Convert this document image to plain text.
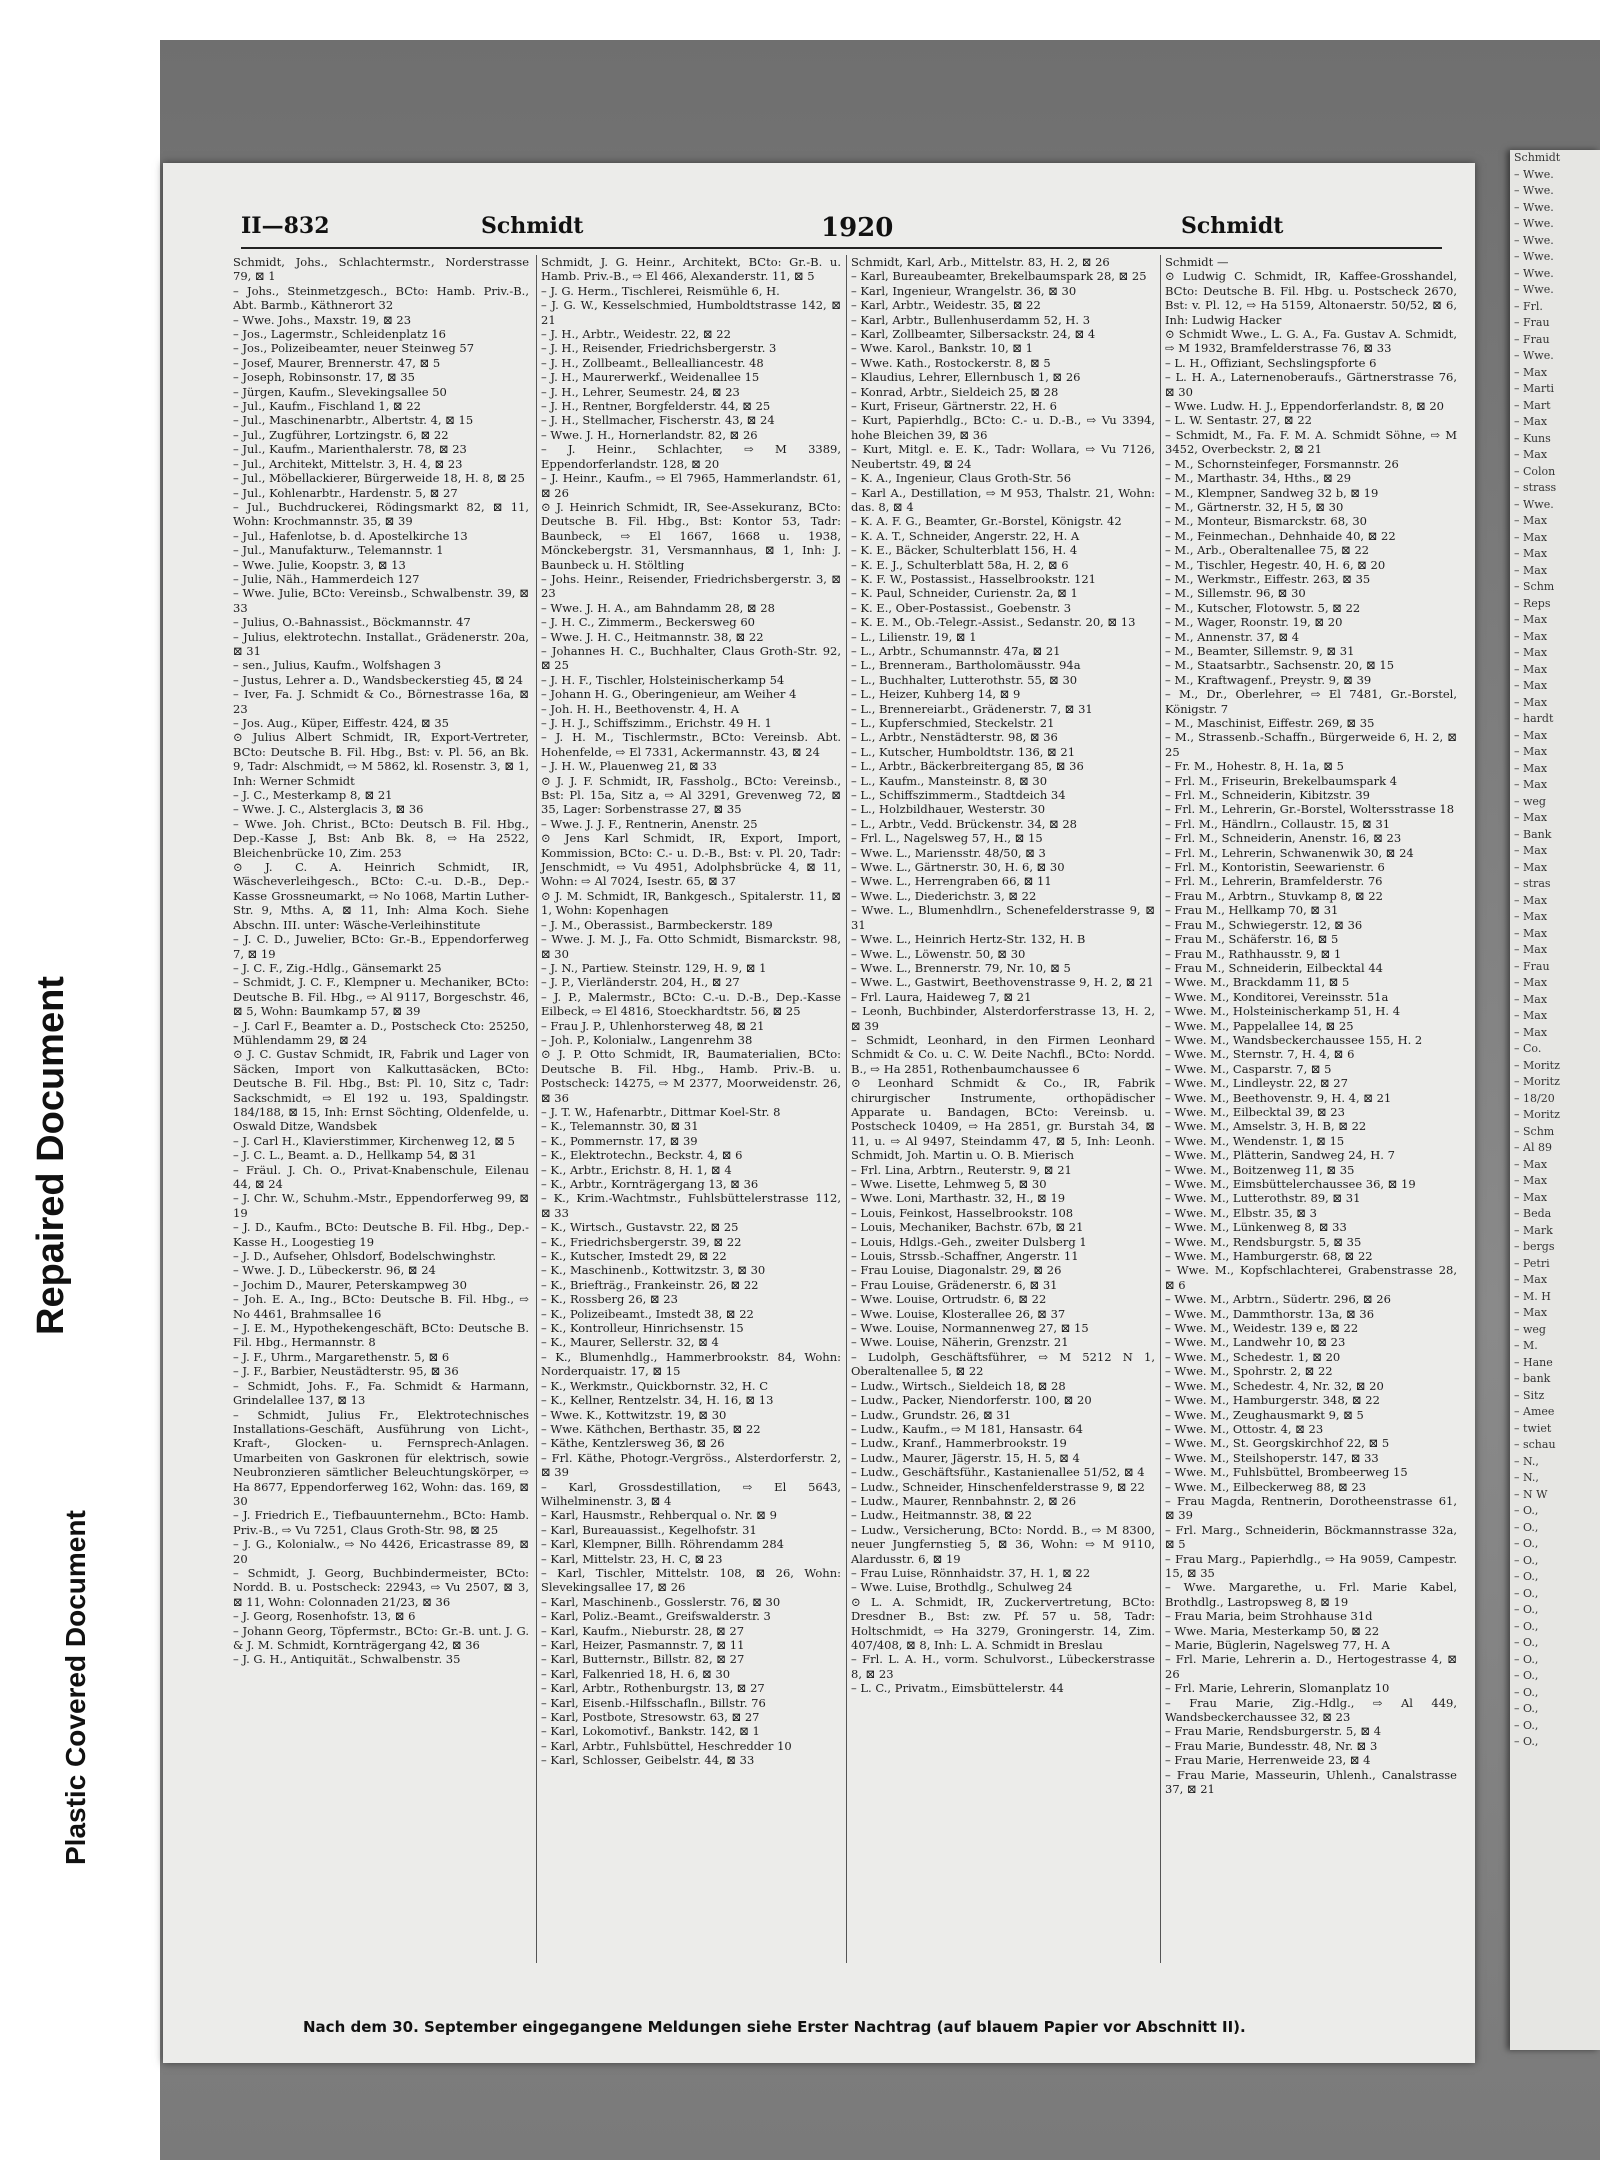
Repaired Document
Plastic Covered Document
II—832	Schmidt	1920	Schmidt
Schmidt, Johs., Schlachtermstr., Norderstrasse 79, ⊠ 1
– Johs., Steinmetzgesch., BCto: Hamb. Priv.-B., Abt. Barmb., Käthnerort 32
– Wwe. Johs., Maxstr. 19, ⊠ 23
– Jos., Lagermstr., Schleidenplatz 16
– Jos., Polizeibeamter, neuer Steinweg 57
– Josef, Maurer, Brennerstr. 47, ⊠ 5
– Joseph, Robinsonstr. 17, ⊠ 35
– Jürgen, Kaufm., Slevekingsallee 50
– Jul., Kaufm., Fischland 1, ⊠ 22
– Jul., Maschinenarbtr., Albertstr. 4, ⊠ 15
– Jul., Zugführer, Lortzingstr. 6, ⊠ 22
– Jul., Kaufm., Marienthalerstr. 78, ⊠ 23
– Jul., Architekt, Mittelstr. 3, H. 4, ⊠ 23
– Jul., Möbellackierer, Bürgerweide 18, H. 8, ⊠ 25
– Jul., Kohlenarbtr., Hardenstr. 5, ⊠ 27
– Jul., Buchdruckerei, Rödingsmarkt 82, ⊠ 11, Wohn: Krochmannstr. 35, ⊠ 39
– Jul., Hafenlotse, b. d. Apostelkirche 13
– Jul., Manufakturw., Telemannstr. 1
– Wwe. Julie, Koopstr. 3, ⊠ 13
– Julie, Näh., Hammerdeich 127
– Wwe. Julie, BCto: Vereinsb., Schwalbenstr. 39, ⊠ 33
– Julius, O.-Bahnassist., Böckmannstr. 47
– Julius, elektrotechn. Installat., Grädenerstr. 20a, ⊠ 31
– sen., Julius, Kaufm., Wolfshagen 3
– Justus, Lehrer a. D., Wandsbeckerstieg 45, ⊠ 24
– Iver, Fa. J. Schmidt & Co., Börnestrasse 16a, ⊠ 23
– Jos. Aug., Küper, Eiffestr. 424, ⊠ 35
⊙ Julius Albert Schmidt, IR, Export-Vertreter, BCto: Deutsche B. Fil. Hbg., Bst: v. Pl. 56, an Bk. 9, Tadr: Alschmidt, ⇨ M 5862, kl. Rosenstr. 3, ⊠ 1, Inh: Werner Schmidt
– J. C., Mesterkamp 8, ⊠ 21
– Wwe. J. C., Alsterglacis 3, ⊠ 36
– Wwe. Joh. Christ., BCto: Deutsch B. Fil. Hbg., Dep.-Kasse J, Bst: Anb Bk. 8, ⇨ Ha 2522, Bleichenbrücke 10, Zim. 253
⊙ J. C. A. Heinrich Schmidt, IR, Wäscheverleihgesch., BCto: C.-u. D.-B., Dep.-Kasse Grossneumarkt, ⇨ No 1068, Martin Luther-Str. 9, Mths. A, ⊠ 11, Inh: Alma Koch. Siehe Abschn. III. unter: Wäsche-Verleihinstitute
– J. C. D., Juwelier, BCto: Gr.-B., Eppendorferweg 7, ⊠ 19
– J. C. F., Zig.-Hdlg., Gänsemarkt 25
– Schmidt, J. C. F., Klempner u. Mechaniker, BCto: Deutsche B. Fil. Hbg., ⇨ Al 9117, Borgeschstr. 46, ⊠ 5, Wohn: Baumkamp 57, ⊠ 39
– J. Carl F., Beamter a. D., Postscheck Cto: 25250, Mühlendamm 29, ⊠ 24
⊙ J. C. Gustav Schmidt, IR, Fabrik und Lager von Säcken, Import von Kalkuttasäcken, BCto: Deutsche B. Fil. Hbg., Bst: Pl. 10, Sitz c, Tadr: Sackschmidt, ⇨ El 192 u. 193, Spaldingstr. 184/188, ⊠ 15, Inh: Ernst Söchting, Oldenfelde, u. Oswald Ditze, Wandsbek
– J. Carl H., Klavierstimmer, Kirchenweg 12, ⊠ 5
– J. C. L., Beamt. a. D., Hellkamp 54, ⊠ 31
– Fräul. J. Ch. O., Privat-Knabenschule, Eilenau 44, ⊠ 24
– J. Chr. W., Schuhm.-Mstr., Eppendorferweg 99, ⊠ 19
– J. D., Kaufm., BCto: Deutsche B. Fil. Hbg., Dep.-Kasse H., Loogestieg 19
– J. D., Aufseher, Ohlsdorf, Bodelschwinghstr.
– Wwe. J. D., Lübeckerstr. 96, ⊠ 24
– Jochim D., Maurer, Peterskampweg 30
– Joh. E. A., Ing., BCto: Deutsche B. Fil. Hbg., ⇨ No 4461, Brahmsallee 16
– J. E. M., Hypothekengeschäft, BCto: Deutsche B. Fil. Hbg., Hermannstr. 8
– J. F., Uhrm., Margarethenstr. 5, ⊠ 6
– J. F., Barbier, Neustädterstr. 95, ⊠ 36
– Schmidt, Johs. F., Fa. Schmidt & Harmann, Grindelallee 137, ⊠ 13
– Schmidt, Julius Fr., Elektrotechnisches Installations-Geschäft, Ausführung von Licht-, Kraft-, Glocken- u. Fernsprech-Anlagen. Umarbeiten von Gaskronen für elektrisch, sowie Neubronzieren sämtlicher Beleuchtungskörper, ⇨ Ha 8677, Eppendorferweg 162, Wohn: das. 169, ⊠ 30
– J. Friedrich E., Tiefbauunternehm., BCto: Hamb. Priv.-B., ⇨ Vu 7251, Claus Groth-Str. 98, ⊠ 25
– J. G., Kolonialw., ⇨ No 4426, Ericastrasse 89, ⊠ 20
– Schmidt, J. Georg, Buchbindermeister, BCto: Nordd. B. u. Postscheck: 22943, ⇨ Vu 2507, ⊠ 3, ⊠ 11, Wohn: Colonnaden 21/23, ⊠ 36
– J. Georg, Rosenhofstr. 13, ⊠ 6
– Johann Georg, Töpfermstr., BCto: Gr.-B. unt. J. G. & J. M. Schmidt, Kornträgergang 42, ⊠ 36
– J. G. H., Antiquität., Schwalbenstr. 35
Schmidt, J. G. Heinr., Architekt, BCto: Gr.-B. u. Hamb. Priv.-B., ⇨ El 466, Alexanderstr. 11, ⊠ 5
– J. G. Herm., Tischlerei, Reismühle 6, H.
– J. G. W., Kesselschmied, Humboldtstrasse 142, ⊠ 21
– J. H., Arbtr., Weidestr. 22, ⊠ 22
– J. H., Reisender, Friedrichsbergerstr. 3
– J. H., Zollbeamt., Bellealliancestr. 48
– J. H., Maurerwerkf., Weidenallee 15
– J. H., Lehrer, Seumestr. 24, ⊠ 23
– J. H., Rentner, Borgfelderstr. 44, ⊠ 25
– J. H., Stellmacher, Fischerstr. 43, ⊠ 24
– Wwe. J. H., Hornerlandstr. 82, ⊠ 26
– J. Heinr., Schlachter, ⇨ M 3389, Eppendorferlandstr. 128, ⊠ 20
– J. Heinr., Kaufm., ⇨ El 7965, Hammerlandstr. 61, ⊠ 26
⊙ J. Heinrich Schmidt, IR, See-Assekuranz, BCto: Deutsche B. Fil. Hbg., Bst: Kontor 53, Tadr: Baunbeck, ⇨ El 1667, 1668 u. 1938, Mönckebergstr. 31, Versmannhaus, ⊠ 1, Inh: J. Baunbeck u. H. Stöltling
– Johs. Heinr., Reisender, Friedrichsbergerstr. 3, ⊠ 23
– Wwe. J. H. A., am Bahndamm 28, ⊠ 28
– J. H. C., Zimmerm., Beckersweg 60
– Wwe. J. H. C., Heitmannstr. 38, ⊠ 22
– Johannes H. C., Buchhalter, Claus Groth-Str. 92, ⊠ 25
– J. H. F., Tischler, Holsteinischerkamp 54
– Johann H. G., Oberingenieur, am Weiher 4
– Joh. H. H., Beethovenstr. 4, H. A
– J. H. J., Schiffszimm., Erichstr. 49 H. 1
– J. H. M., Tischlermstr., BCto: Vereinsb. Abt. Hohenfelde, ⇨ El 7331, Ackermannstr. 43, ⊠ 24
– J. H. W., Plauenweg 21, ⊠ 33
⊙ J. J. F. Schmidt, IR, Fassholg., BCto: Vereinsb., Bst: Pl. 15a, Sitz a, ⇨ Al 3291, Grevenweg 72, ⊠ 35, Lager: Sorbenstrasse 27, ⊠ 35
– Wwe. J. J. F., Rentnerin, Anenstr. 25
⊙ Jens Karl Schmidt, IR, Export, Import, Kommission, BCto: C.- u. D.-B., Bst: v. Pl. 20, Tadr: Jenschmidt, ⇨ Vu 4951, Adolphsbrücke 4, ⊠ 11, Wohn: ⇨ Al 7024, Isestr. 65, ⊠ 37
⊙ J. M. Schmidt, IR, Bankgesch., Spitalerstr. 11, ⊠ 1, Wohn: Kopenhagen
– J. M., Oberassist., Barmbeckerstr. 189
– Wwe. J. M. J., Fa. Otto Schmidt, Bismarckstr. 98, ⊠ 30
– J. N., Partiew. Steinstr. 129, H. 9, ⊠ 1
– J. P., Vierländerstr. 204, H., ⊠ 27
– J. P., Malermstr., BCto: C.-u. D.-B., Dep.-Kasse Eilbeck, ⇨ El 4816, Stoeckhardtstr. 56, ⊠ 25
– Frau J. P., Uhlenhorsterweg 48, ⊠ 21
– Joh. P., Kolonialw., Langenrehm 38
⊙ J. P. Otto Schmidt, IR, Baumaterialien, BCto: Deutsche B. Fil. Hbg., Hamb. Priv.-B. u. Postscheck: 14275, ⇨ M 2377, Moorweidenstr. 26, ⊠ 36
– J. T. W., Hafenarbtr., Dittmar Koel-Str. 8
– K., Telemannstr. 30, ⊠ 31
– K., Pommernstr. 17, ⊠ 39
– K., Elektrotechn., Beckstr. 4, ⊠ 6
– K., Arbtr., Erichstr. 8, H. 1, ⊠ 4
– K., Arbtr., Kornträgergang 13, ⊠ 36
– K., Krim.-Wachtmstr., Fuhlsbüttelerstrasse 112, ⊠ 33
– K., Wirtsch., Gustavstr. 22, ⊠ 25
– K., Friedrichsbergerstr. 39, ⊠ 22
– K., Kutscher, Imstedt 29, ⊠ 22
– K., Maschinenb., Kottwitzstr. 3, ⊠ 30
– K., Briefträg., Frankeinstr. 26, ⊠ 22
– K., Rossberg 26, ⊠ 23
– K., Polizeibeamt., Imstedt 38, ⊠ 22
– K., Kontrolleur, Hinrichsenstr. 15
– K., Maurer, Sellerstr. 32, ⊠ 4
– K., Blumenhdlg., Hammerbrookstr. 84, Wohn: Norderquaistr. 17, ⊠ 15
– K., Werkmstr., Quickbornstr. 32, H. C
– K., Kellner, Rentzelstr. 34, H. 16, ⊠ 13
– Wwe. K., Kottwitzstr. 19, ⊠ 30
– Wwe. Käthchen, Berthastr. 35, ⊠ 22
– Käthe, Kentzlersweg 36, ⊠ 26
– Frl. Käthe, Photogr.-Vergröss., Alsterdorferstr. 2, ⊠ 39
– Karl, Grossdestillation, ⇨ El 5643, Wilhelminenstr. 3, ⊠ 4
– Karl, Hausmstr., Rehberqual o. Nr. ⊠ 9
– Karl, Bureauassist., Kegelhofstr. 31
– Karl, Klempner, Billh. Röhrendamm 284
– Karl, Mittelstr. 23, H. C, ⊠ 23
– Karl, Tischler, Mittelstr. 108, ⊠ 26, Wohn: Slevekingsallee 17, ⊠ 26
– Karl, Maschinenb., Gosslerstr. 76, ⊠ 30
– Karl, Poliz.-Beamt., Greifswalderstr. 3
– Karl, Kaufm., Nieburstr. 28, ⊠ 27
– Karl, Heizer, Pasmannstr. 7, ⊠ 11
– Karl, Butternstr., Billstr. 82, ⊠ 27
– Karl, Falkenried 18, H. 6, ⊠ 30
– Karl, Arbtr., Rothenburgstr. 13, ⊠ 27
– Karl, Eisenb.-Hilfsschafln., Billstr. 76
– Karl, Postbote, Stresowstr. 63, ⊠ 27
– Karl, Lokomotivf., Bankstr. 142, ⊠ 1
– Karl, Arbtr., Fuhlsbüttel, Heschredder 10
– Karl, Schlosser, Geibelstr. 44, ⊠ 33
Schmidt, Karl, Arb., Mittelstr. 83, H. 2, ⊠ 26
– Karl, Bureaubeamter, Brekelbaumspark 28, ⊠ 25
– Karl, Ingenieur, Wrangelstr. 36, ⊠ 30
– Karl, Arbtr., Weidestr. 35, ⊠ 22
– Karl, Arbtr., Bullenhuserdamm 52, H. 3
– Karl, Zollbeamter, Silbersackstr. 24, ⊠ 4
– Wwe. Karol., Bankstr. 10, ⊠ 1
– Wwe. Kath., Rostockerstr. 8, ⊠ 5
– Klaudius, Lehrer, Ellernbusch 1, ⊠ 26
– Konrad, Arbtr., Sieldeich 25, ⊠ 28
– Kurt, Friseur, Gärtnerstr. 22, H. 6
– Kurt, Papierhdlg., BCto: C.- u. D.-B., ⇨ Vu 3394, hohe Bleichen 39, ⊠ 36
– Kurt, Mitgl. e. E. K., Tadr: Wollara, ⇨ Vu 7126, Neubertstr. 49, ⊠ 24
– K. A., Ingenieur, Claus Groth-Str. 56
– Karl A., Destillation, ⇨ M 953, Thalstr. 21, Wohn: das. 8, ⊠ 4
– K. A. F. G., Beamter, Gr.-Borstel, Königstr. 42
– K. A. T., Schneider, Angerstr. 22, H. A
– K. E., Bäcker, Schulterblatt 156, H. 4
– K. E. J., Schulterblatt 58a, H. 2, ⊠ 6
– K. F. W., Postassist., Hasselbrookstr. 121
– K. Paul, Schneider, Curienstr. 2a, ⊠ 1
– K. E., Ober-Postassist., Goebenstr. 3
– K. E. M., Ob.-Telegr.-Assist., Sedanstr. 20, ⊠ 13
– L., Lilienstr. 19, ⊠ 1
– L., Arbtr., Schumannstr. 47a, ⊠ 21
– L., Brenneram., Bartholomäusstr. 94a
– L., Buchhalter, Lutterothstr. 55, ⊠ 30
– L., Heizer, Kuhberg 14, ⊠ 9
– L., Brennereiarbt., Grädenerstr. 7, ⊠ 31
– L., Kupferschmied, Steckelstr. 21
– L., Arbtr., Nenstädterstr. 98, ⊠ 36
– L., Kutscher, Humboldtstr. 136, ⊠ 21
– L., Arbtr., Bäckerbreitergang 85, ⊠ 36
– L., Kaufm., Mansteinstr. 8, ⊠ 30
– L., Schiffszimmerm., Stadtdeich 34
– L., Holzbildhauer, Westerstr. 30
– L., Arbtr., Vedd. Brückenstr. 34, ⊠ 28
– Frl. L., Nagelsweg 57, H., ⊠ 15
– Wwe. L., Mariensstr. 48/50, ⊠ 3
– Wwe. L., Gärtnerstr. 30, H. 6, ⊠ 30
– Wwe. L., Herrengraben 66, ⊠ 11
– Wwe. L., Diederichstr. 3, ⊠ 22
– Wwe. L., Blumenhdlrn., Schenefelderstrasse 9, ⊠ 31
– Wwe. L., Heinrich Hertz-Str. 132, H. B
– Wwe. L., Löwenstr. 50, ⊠ 30
– Wwe. L., Brennerstr. 79, Nr. 10, ⊠ 5
– Wwe. L., Gastwirt, Beethovenstrasse 9, H. 2, ⊠ 21
– Frl. Laura, Haideweg 7, ⊠ 21
– Leonh, Buchbinder, Alsterdorferstrasse 13, H. 2, ⊠ 39
– Schmidt, Leonhard, in den Firmen Leonhard Schmidt & Co. u. C. W. Deite Nachfl., BCto: Nordd. B., ⇨ Ha 2851, Rothenbaumchaussee 6
⊙ Leonhard Schmidt & Co., IR, Fabrik chirurgischer Instrumente, orthopädischer Apparate u. Bandagen, BCto: Vereinsb. u. Postscheck 10409, ⇨ Ha 2851, gr. Burstah 34, ⊠ 11, u. ⇨ Al 9497, Steindamm 47, ⊠ 5, Inh: Leonh. Schmidt, Joh. Martin u. O. B. Mierisch
– Frl. Lina, Arbtrn., Reuterstr. 9, ⊠ 21
– Wwe. Lisette, Lehmweg 5, ⊠ 30
– Wwe. Loni, Marthastr. 32, H., ⊠ 19
– Louis, Feinkost, Hasselbrookstr. 108
– Louis, Mechaniker, Bachstr. 67b, ⊠ 21
– Louis, Hdlgs.-Geh., zweiter Dulsberg 1
– Louis, Strssb.-Schaffner, Angerstr. 11
– Frau Louise, Diagonalstr. 29, ⊠ 26
– Frau Louise, Grädenerstr. 6, ⊠ 31
– Wwe. Louise, Ortrudstr. 6, ⊠ 22
– Wwe. Louise, Klosterallee 26, ⊠ 37
– Wwe. Louise, Normannenweg 27, ⊠ 15
– Wwe. Louise, Näherin, Grenzstr. 21
– Ludolph, Geschäftsführer, ⇨ M 5212 N 1, Oberaltenallee 5, ⊠ 22
– Ludw., Wirtsch., Sieldeich 18, ⊠ 28
– Ludw., Packer, Niendorferstr. 100, ⊠ 20
– Ludw., Grundstr. 26, ⊠ 31
– Ludw., Kaufm., ⇨ M 181, Hansastr. 64
– Ludw., Kranf., Hammerbrookstr. 19
– Ludw., Maurer, Jägerstr. 15, H. 5, ⊠ 4
– Ludw., Geschäftsführ., Kastanienallee 51/52, ⊠ 4
– Ludw., Schneider, Hinschenfelderstrasse 9, ⊠ 22
– Ludw., Maurer, Rennbahnstr. 2, ⊠ 26
– Ludw., Heitmannstr. 38, ⊠ 22
– Ludw., Versicherung, BCto: Nordd. B., ⇨ M 8300, neuer Jungfernstieg 5, ⊠ 36, Wohn: ⇨ M 9110, Alardusstr. 6, ⊠ 19
– Frau Luise, Rönnhaidstr. 37, H. 1, ⊠ 22
– Wwe. Luise, Brothdlg., Schulweg 24
⊙ L. A. Schmidt, IR, Zuckervertretung, BCto: Dresdner B., Bst: zw. Pf. 57 u. 58, Tadr: Holtschmidt, ⇨ Ha 3279, Groningerstr. 14, Zim. 407/408, ⊠ 8, Inh: L. A. Schmidt in Breslau
– Frl. L. A. H., vorm. Schulvorst., Lübeckerstrasse 8, ⊠ 23
– L. C., Privatm., Eimsbüttelerstr. 44
Schmidt —
⊙ Ludwig C. Schmidt, IR, Kaffee-Grosshandel, BCto: Deutsche B. Fil. Hbg. u. Postscheck 2670, Bst: v. Pl. 12, ⇨ Ha 5159, Altonaerstr. 50/52, ⊠ 6, Inh: Ludwig Hacker
⊙ Schmidt Wwe., L. G. A., Fa. Gustav A. Schmidt, ⇨ M 1932, Bramfelderstrasse 76, ⊠ 33
– L. H., Offiziant, Sechslingspforte 6
– L. H. A., Laternenoberaufs., Gärtnerstrasse 76, ⊠ 30
– Wwe. Ludw. H. J., Eppendorferlandstr. 8, ⊠ 20
– L. W. Sentastr. 27, ⊠ 22
– Schmidt, M., Fa. F. M. A. Schmidt Söhne, ⇨ M 3452, Overbeckstr. 2, ⊠ 21
– M., Schornsteinfeger, Forsmannstr. 26
– M., Marthastr. 34, Hths., ⊠ 29
– M., Klempner, Sandweg 32 b, ⊠ 19
– M., Gärtnerstr. 32, H 5, ⊠ 30
– M., Monteur, Bismarckstr. 68, 30
– M., Feinmechan., Dehnhaide 40, ⊠ 22
– M., Arb., Oberaltenallee 75, ⊠ 22
– M., Tischler, Hegestr. 40, H. 6, ⊠ 20
– M., Werkmstr., Eiffestr. 263, ⊠ 35
– M., Sillemstr. 96, ⊠ 30
– M., Kutscher, Flotowstr. 5, ⊠ 22
– M., Wager, Roonstr. 19, ⊠ 20
– M., Annenstr. 37, ⊠ 4
– M., Beamter, Sillemstr. 9, ⊠ 31
– M., Staatsarbtr., Sachsenstr. 20, ⊠ 15
– M., Kraftwagenf., Preystr. 9, ⊠ 39
– M., Dr., Oberlehrer, ⇨ El 7481, Gr.-Borstel, Königstr. 7
– M., Maschinist, Eiffestr. 269, ⊠ 35
– M., Strassenb.-Schaffn., Bürgerweide 6, H. 2, ⊠ 25
– Fr. M., Hohestr. 8, H. 1a, ⊠ 5
– Frl. M., Friseurin, Brekelbaumspark 4
– Frl. M., Schneiderin, Kibitzstr. 39
– Frl. M., Lehrerin, Gr.-Borstel, Woltersstrasse 18
– Frl. M., Händlrn., Collaustr. 15, ⊠ 31
– Frl. M., Schneiderin, Anenstr. 16, ⊠ 23
– Frl. M., Lehrerin, Schwanenwik 30, ⊠ 24
– Frl. M., Kontoristin, Seewarienstr. 6
– Frl. M., Lehrerin, Bramfelderstr. 76
– Frau M., Arbtrn., Stuvkamp 8, ⊠ 22
– Frau M., Hellkamp 70, ⊠ 31
– Frau M., Schwiegerstr. 12, ⊠ 36
– Frau M., Schäferstr. 16, ⊠ 5
– Frau M., Rathhausstr. 9, ⊠ 1
– Frau M., Schneiderin, Eilbecktal 44
– Wwe. M., Brackdamm 11, ⊠ 5
– Wwe. M., Konditorei, Vereinsstr. 51a
– Wwe. M., Holsteinischerkamp 51, H. 4
– Wwe. M., Pappelallee 14, ⊠ 25
– Wwe. M., Wandsbeckerchaussee 155, H. 2
– Wwe. M., Sternstr. 7, H. 4, ⊠ 6
– Wwe. M., Casparstr. 7, ⊠ 5
– Wwe. M., Lindleystr. 22, ⊠ 27
– Wwe. M., Beethovenstr. 9, H. 4, ⊠ 21
– Wwe. M., Eilbecktal 39, ⊠ 23
– Wwe. M., Amselstr. 3, H. B, ⊠ 22
– Wwe. M., Wendenstr. 1, ⊠ 15
– Wwe. M., Plätterin, Sandweg 24, H. 7
– Wwe. M., Boitzenweg 11, ⊠ 35
– Wwe. M., Eimsbüttelerchaussee 36, ⊠ 19
– Wwe. M., Lutterothstr. 89, ⊠ 31
– Wwe. M., Elbstr. 35, ⊠ 3
– Wwe. M., Lünkenweg 8, ⊠ 33
– Wwe. M., Rendsburgstr. 5, ⊠ 35
– Wwe. M., Hamburgerstr. 68, ⊠ 22
– Wwe. M., Kopfschlachterei, Grabenstrasse 28, ⊠ 6
– Wwe. M., Arbtrn., Südertr. 296, ⊠ 26
– Wwe. M., Dammthorstr. 13a, ⊠ 36
– Wwe. M., Weidestr. 139 e, ⊠ 22
– Wwe. M., Landwehr 10, ⊠ 23
– Wwe. M., Schedestr. 1, ⊠ 20
– Wwe. M., Spohrstr. 2, ⊠ 22
– Wwe. M., Schedestr. 4, Nr. 32, ⊠ 20
– Wwe. M., Hamburgerstr. 348, ⊠ 22
– Wwe. M., Zeughausmarkt 9, ⊠ 5
– Wwe. M., Ottostr. 4, ⊠ 23
– Wwe. M., St. Georgskirchhof 22, ⊠ 5
– Wwe. M., Steilshoperstr. 147, ⊠ 33
– Wwe. M., Fuhlsbüttel, Brombeerweg 15
– Wwe. M., Eilbeckerweg 88, ⊠ 23
– Frau Magda, Rentnerin, Dorotheenstrasse 61, ⊠ 39
– Frl. Marg., Schneiderin, Böckmannstrasse 32a, ⊠ 5
– Frau Marg., Papierhdlg., ⇨ Ha 9059, Campestr. 15, ⊠ 35
– Wwe. Margarethe, u. Frl. Marie Kabel, Brothdlg., Lastropsweg 8, ⊠ 19
– Frau Maria, beim Strohhause 31d
– Wwe. Maria, Mesterkamp 50, ⊠ 22
– Marie, Büglerin, Nagelsweg 77, H. A
– Frl. Marie, Lehrerin a. D., Hertogestrasse 4, ⊠ 26
– Frl. Marie, Lehrerin, Slomanplatz 10
– Frau Marie, Zig.-Hdlg., ⇨ Al 449, Wandsbeckerchaussee 32, ⊠ 23
– Frau Marie, Rendsburgerstr. 5, ⊠ 4
– Frau Marie, Bundesstr. 48, Nr. ⊠ 3
– Frau Marie, Herrenweide 23, ⊠ 4
– Frau Marie, Masseurin, Uhlenh., Canalstrasse 37, ⊠ 21
Nach dem 30. September eingegangene Meldungen siehe Erster Nachtrag (auf blauem Papier vor Abschnitt II).
Schmidt
– Wwe.
– Wwe.
– Wwe.
– Wwe.
– Wwe.
– Wwe.
– Wwe.
– Wwe.
– Frl.
– Frau
– Frau
– Wwe.
– Max
– Marti
– Mart
– Max
– Kuns
– Max
– Colon
– strass
– Wwe.
– Max
– Max
– Max
– Max
– Schm
– Reps
– Max
– Max
– Max
– Max
– Max
– Max
– hardt
– Max
– Max
– Max
– Max
– weg
– Max
– Bank
– Max
– Max
– stras
– Max
– Max
– Max
– Max
– Frau
– Max
– Max
– Max
– Max
– Co.
– Moritz
– Moritz
– 18/20
– Moritz
– Schm
– Al 89
– Max
– Max
– Max
– Beda
– Mark
– bergs
– Petri
– Max
– M. H
– Max
– weg
– M.
– Hane
– bank
– Sitz
– Amee
– twiet
– schau
– N.,
– N.,
– N W
– O.,
– O.,
– O.,
– O.,
– O.,
– O.,
– O.,
– O.,
– O.,
– O.,
– O.,
– O.,
– O.,
– O.,
– O.,
